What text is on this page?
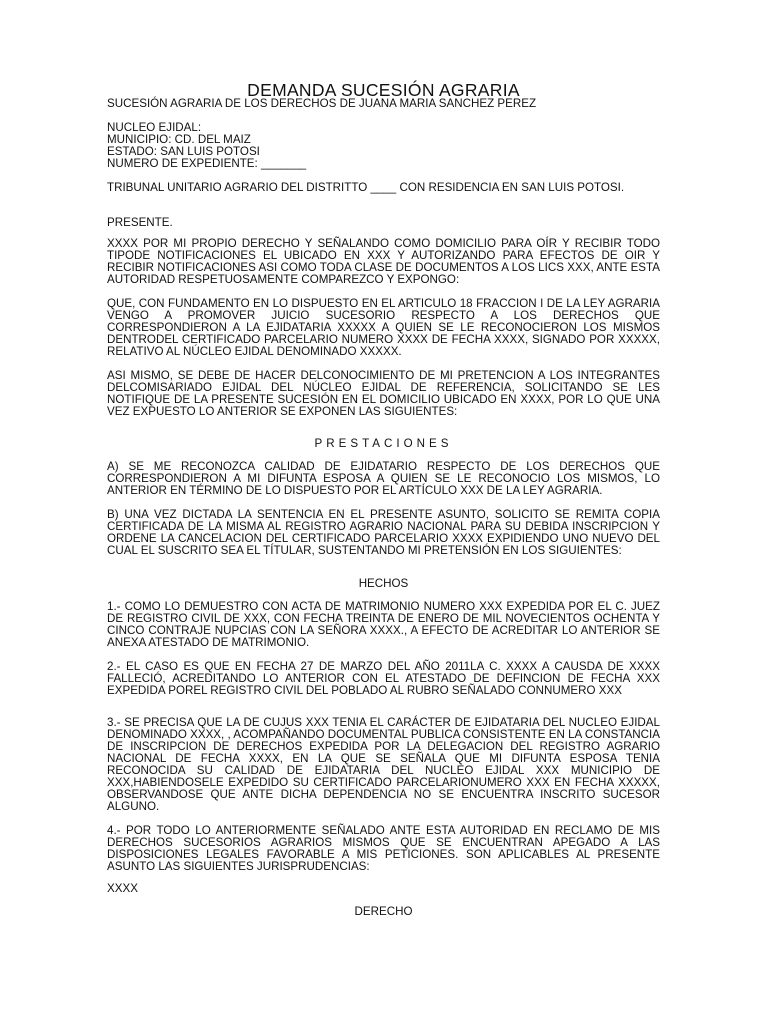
DEMANDA SUCESIÓN AGRARIA

SUCESIÓN AGRARIA DE LOS DERECHOS DE JUANA MARIA SANCHEZ PEREZ

NUCLEO EJIDAL:
MUNICIPIO: CD. DEL MAIZ
ESTADO: SAN LUIS POTOSI
NUMERO DE EXPEDIENTE: _______

TRIBUNAL UNITARIO AGRARIO DEL DISTRITTO ____ CON RESIDENCIA EN SAN LUIS POTOSI.

PRESENTE.

XXXX POR MI PROPIO DERECHO Y SEÑALANDO COMO DOMICILIO PARA OÍR Y RECIBIR TODO TIPODE NOTIFICACIONES EL UBICADO EN XXX Y AUTORIZANDO PARA EFECTOS DE OIR Y RECIBIR NOTIFICACIONES ASI COMO TODA CLASE DE DOCUMENTOS A LOS LICS XXX, ANTE ESTA AUTORIDAD RESPETUOSAMENTE COMPAREZCO Y EXPONGO:

QUE, CON FUNDAMENTO EN LO DISPUESTO EN EL ARTICULO 18 FRACCION I DE LA LEY AGRARIA VENGO A PROMOVER JUICIO SUCESORIO RESPECTO A LOS DERECHOS QUE CORRESPONDIERON A LA EJIDATARIA XXXXX A QUIEN SE LE RECONOCIERON LOS MISMOS DENTRODEL CERTIFICADO PARCELARIO NUMERO XXXX DE FECHA XXXX, SIGNADO POR XXXXX, RELATIVO AL NÚCLEO EJIDAL DENOMINADO XXXXX.

ASI MISMO, SE DEBE DE HACER DELCONOCIMIENTO DE MI PRETENCION A LOS INTEGRANTES DELCOMISARIADO EJIDAL DEL NÚCLEO EJIDAL DE REFERENCIA, SOLICITANDO SE LES NOTIFIQUE DE LA PRESENTE SUCESIÓN EN EL DOMICILIO UBICADO EN XXXX, POR LO QUE UNA VEZ EXPUESTO LO ANTERIOR SE EXPONEN LAS SIGUIENTES:

PRESTACIONES

A) SE ME RECONOZCA CALIDAD DE EJIDATARIO RESPECTO DE LOS DERECHOS QUE CORRESPONDIERON A MI DIFUNTA ESPOSA A QUIEN SE LE RECONOCIO LOS MISMOS, LO ANTERIOR EN TÉRMINO DE LO DISPUESTO POR EL ARTÍCULO XXX DE LA LEY AGRARIA.

B) UNA VEZ DICTADA LA SENTENCIA EN EL PRESENTE ASUNTO, SOLICITO SE REMITA COPIA CERTIFICADA DE LA MISMA AL REGISTRO AGRARIO NACIONAL PARA SU DEBIDA INSCRIPCION Y ORDENE LA CANCELACION DEL CERTIFICADO PARCELARIO XXXX EXPIDIENDO UNO NUEVO DEL CUAL EL SUSCRITO SEA EL TÍTULAR, SUSTENTANDO MI PRETENSIÓN EN LOS SIGUIENTES:

HECHOS

1.- COMO LO DEMUESTRO CON ACTA DE MATRIMONIO NUMERO XXX EXPEDIDA POR EL C. JUEZ DE REGISTRO CIVIL DE XXX, CON FECHA TREINTA DE ENERO DE MIL NOVECIENTOS OCHENTA Y CINCO CONTRAJE NUPCIAS CON LA SEÑORA XXXX., A EFECTO DE ACREDITAR LO ANTERIOR SE ANEXA ATESTADO DE MATRIMONIO.

2.- EL CASO ES QUE EN FECHA 27 DE MARZO DEL AÑO 2011LA C. XXXX A CAUSDA DE XXXX FALLECIÓ, ACREDITANDO LO ANTERIOR CON EL ATESTADO DE DEFINCION DE FECHA XXX EXPEDIDA POREL REGISTRO CIVIL DEL POBLADO AL RUBRO SEÑALADO CONNUMERO XXX

3.- SE PRECISA QUE LA DE CUJUS XXX TENIA EL CARÁCTER DE EJIDATARIA DEL NUCLEO EJIDAL DENOMINADO XXXX, , ACOMPAÑANDO DOCUMENTAL PUBLICA CONSISTENTE EN LA CONSTANCIA DE INSCRIPCION DE DERECHOS EXPEDIDA POR LA DELEGACION DEL REGISTRO AGRARIO NACIONAL DE FECHA XXXX, EN LA QUE SE SEÑALA QUE MI DIFUNTA ESPOSA TENIA RECONOCIDA SU CALIDAD DE EJIDATARIA DEL NUCLEO EJIDAL XXX MUNICIPIO DE XXX,HABIENDOSELE EXPEDIDO SU CERTIFICADO PARCELARIONUMERO XXX EN FECHA XXXXX, OBSERVANDOSE QUE ANTE DICHA DEPENDENCIA NO SE ENCUENTRA INSCRITO SUCESOR ALGUNO.

4.- POR TODO LO ANTERIORMENTE SEÑALADO ANTE ESTA AUTORIDAD EN RECLAMO DE MIS DERECHOS SUCESORIOS AGRARIOS MISMOS QUE SE ENCUENTRAN APEGADO A LAS DISPOSICIONES LEGALES FAVORABLE A MIS PETICIONES. SON APLICABLES AL PRESENTE ASUNTO LAS SIGUIENTES JURISPRUDENCIAS:

XXXX

DERECHO
